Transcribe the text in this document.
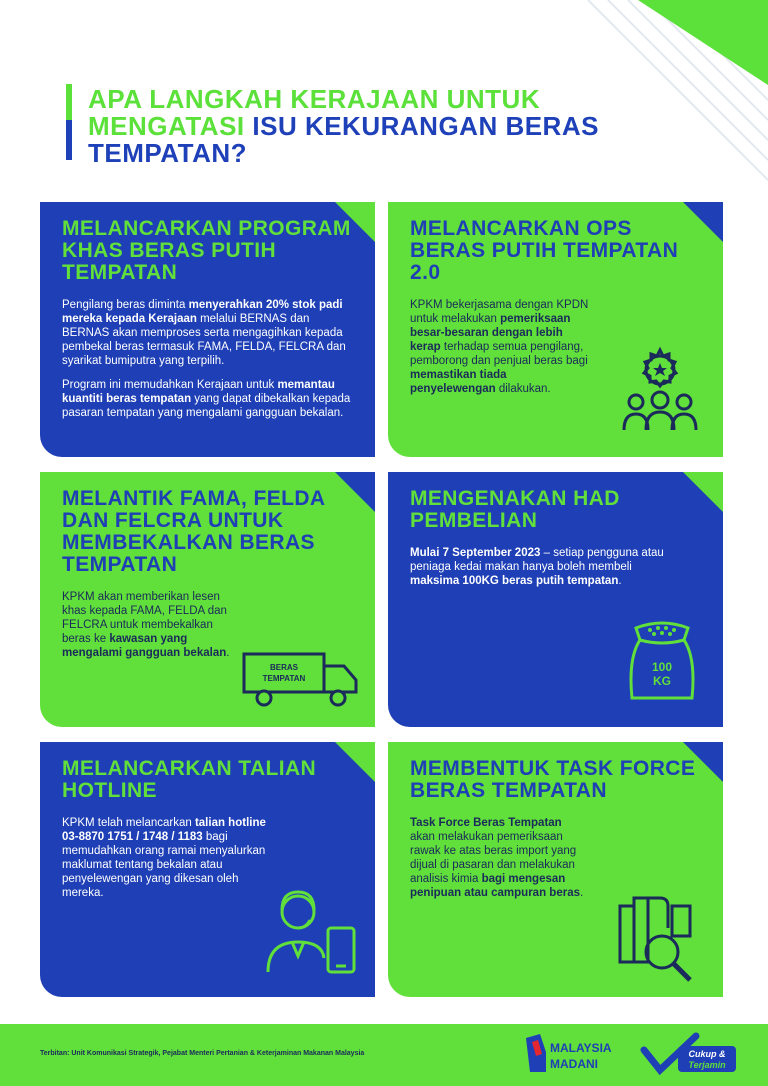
APA LANGKAH KERAJAAN UNTUK
MENGATASI ISU KEKURANGAN BERAS
TEMPATAN?
MELANCARKAN PROGRAM KHAS BERAS PUTIH TEMPATAN

Pengilang beras diminta menyerahkan 20% stok padi mereka kepada Kerajaan melalui BERNAS dan BERNAS akan memproses serta mengagihkan kepada pembekal beras termasuk FAMA, FELDA, FELCRA dan syarikat bumiputra yang terpilih.

Program ini memudahkan Kerajaan untuk memantau kuantiti beras tempatan yang dapat dibekalkan kepada pasaran tempatan yang mengalami gangguan bekalan.

MELANCARKAN OPS BERAS PUTIH TEMPATAN 2.0

KPKM bekerjasama dengan KPDN untuk melakukan pemeriksaan besar-besaran dengan lebih kerap terhadap semua pengilang, pemborong dan penjual beras bagi memastikan tiada penyelewengan dilakukan.

MELANTIK FAMA, FELDA DAN FELCRA UNTUK MEMBEKALKAN BERAS TEMPATAN

KPKM akan memberikan lesen khas kepada FAMA, FELDA dan FELCRA untuk membekalkan beras ke kawasan yang mengalami gangguan bekalan.

BERAS
TEMPATAN
MENGENAKAN HAD PEMBELIAN

Mulai 7 September 2023 – setiap pengguna atau peniaga kedai makan hanya boleh membeli maksima 100KG beras putih tempatan.

100
KG
MELANCARKAN TALIAN HOTLINE

KPKM telah melancarkan talian hotline 03-8870 1751 / 1748 / 1183 bagi memudahkan orang ramai menyalurkan maklumat tentang bekalan atau penyelewengan yang dikesan oleh mereka.

MEMBENTUK TASK FORCE BERAS TEMPATAN

Task Force Beras Tempatan akan melakukan pemeriksaan rawak ke atas beras import yang dijual di pasaran dan melakukan analisis kimia bagi mengesan penipuan atau campuran beras.

Terbitan: Unit Komunikasi Strategik, Pejabat Menteri Pertanian & Keterjaminan Makanan Malaysia	MALAYSIA
MADANI
Cukup &
Terjamin
